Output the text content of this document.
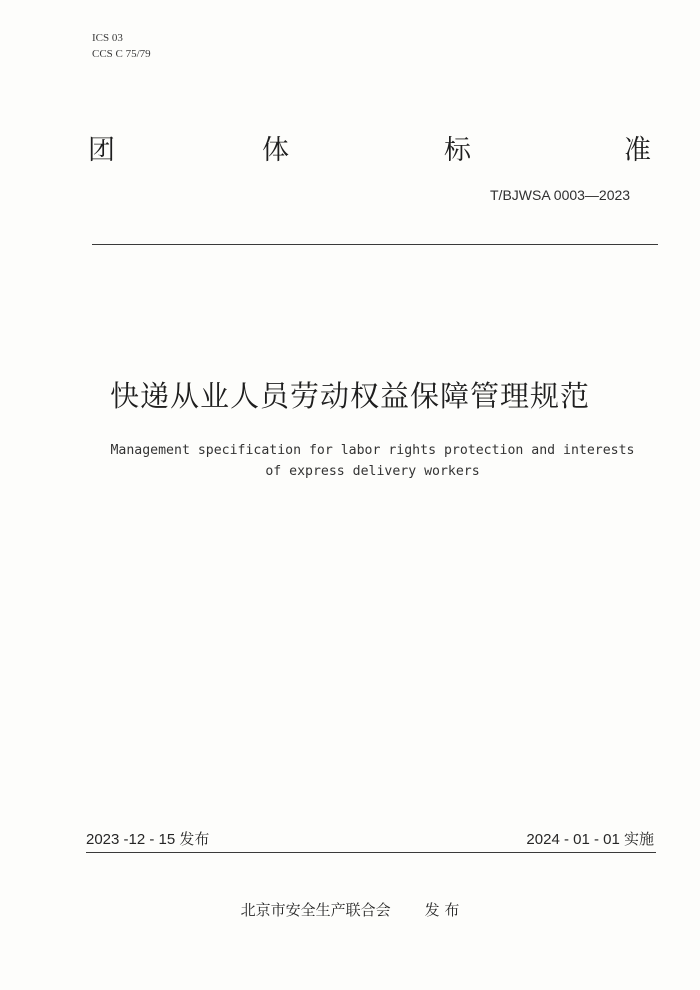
ICS 03
CCS C 75/79
团	体	标	准
T/BJWSA 0003—2023
快递从业人员劳动权益保障管理规范
Management specification for labor rights protection and interests
of express delivery workers
2023 -12 - 15 发布	2024 - 01 - 01 实施
北京市安全生产联合会 发 布
